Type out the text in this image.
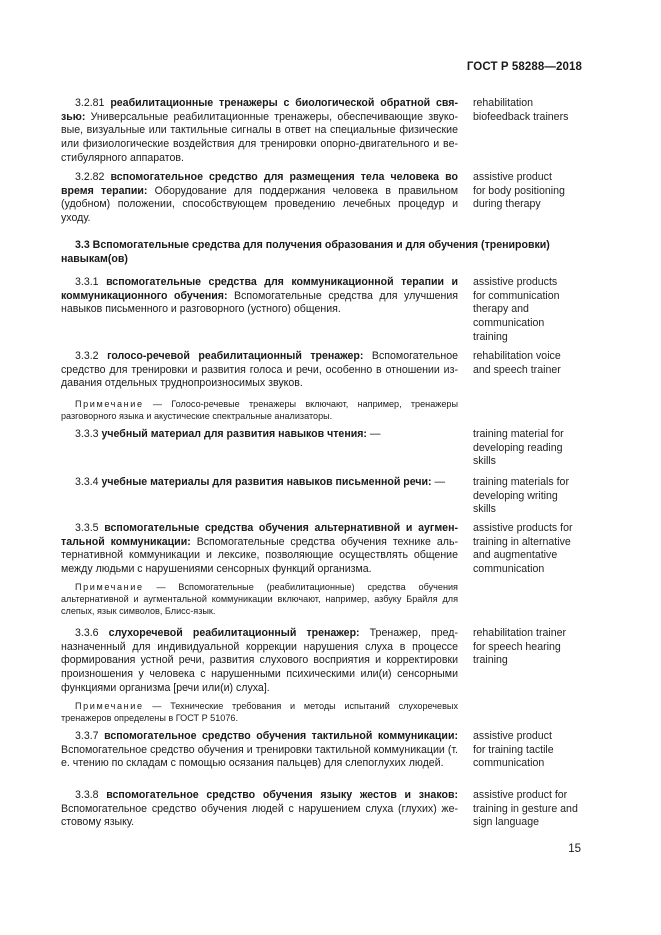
ГОСТ Р 58288—2018
3.2.81 реабилитационные тренажеры с биологической обратной связью: Универсальные реабилитационные тренажеры, обеспечивающие звуковые, визуальные или тактильные сигналы в ответ на специальные физические или физиологические воздействия для тренировки опорно-двигательного и вестибулярного аппаратов.
rehabilitation
biofeedback trainers
3.2.82 вспомогательное средство для размещения тела человека во время терапии: Оборудование для поддержания человека в правильном (удобном) положении, способствующем проведению лечебных процедур и уходу.
assistive product
for body positioning
during therapy
3.3 Вспомогательные средства для получения образования и для обучения (тренировки) навыкам(ов)
3.3.1 вспомогательные средства для коммуникационной терапии и коммуникационного обучения: Вспомогательные средства для улучшения навыков письменного и разговорного (устного) общения.
assistive products
for communication
therapy and
communication
training
3.3.2 голосо-речевой реабилитационный тренажер: Вспомогательное средство для тренировки и развития голоса и речи, особенно в отношении издавания отдельных труднопроизносимых звуков.
rehabilitation voice
and speech trainer
Примечание — Голосо-речевые тренажеры включают, например, тренажеры разговорного языка и акустические спектральные анализаторы.
3.3.3 учебный материал для развития навыков чтения: —	training material for
developing reading
skills
3.3.4 учебные материалы для развития навыков письменной речи: —	training materials for
developing writing
skills
3.3.5 вспомогательные средства обучения альтернативной и аугментальной коммуникации: Вспомогательные средства обучения технике альтернативной коммуникации и лексике, позволяющие осуществлять общение между людьми с нарушениями сенсорных функций организма.
assistive products for
training in alternative
and augmentative
communication
Примечание — Вспомогательные (реабилитационные) средства обучения альтернативной и аугментальной коммуникации включают, например, азбуку Брайля для слепых, язык символов, Блисс-язык.
3.3.6 слухоречевой реабилитационный тренажер: Тренажер, предназначенный для индивидуальной коррекции нарушения слуха в процессе формирования устной речи, развития слухового восприятия и корректировки произношения у человека с нарушенными психическими или(и) сенсорными функциями организма [речи или(и) слуха].
rehabilitation trainer
for speech hearing
training
Примечание — Технические требования и методы испытаний слухоречевых тренажеров определены в ГОСТ Р 51076.
3.3.7 вспомогательное средство обучения тактильной коммуникации: Вспомогательное средство обучения и тренировки тактильной коммуникации (т. е. чтению по складам с помощью осязания пальцев) для слепоглухих людей.
assistive product
for training tactile
communication
3.3.8 вспомогательное средство обучения языку жестов и знаков: Вспомогательное средство обучения людей с нарушением слуха (глухих) жестовому языку.
assistive product for
training in gesture and
sign language
15
